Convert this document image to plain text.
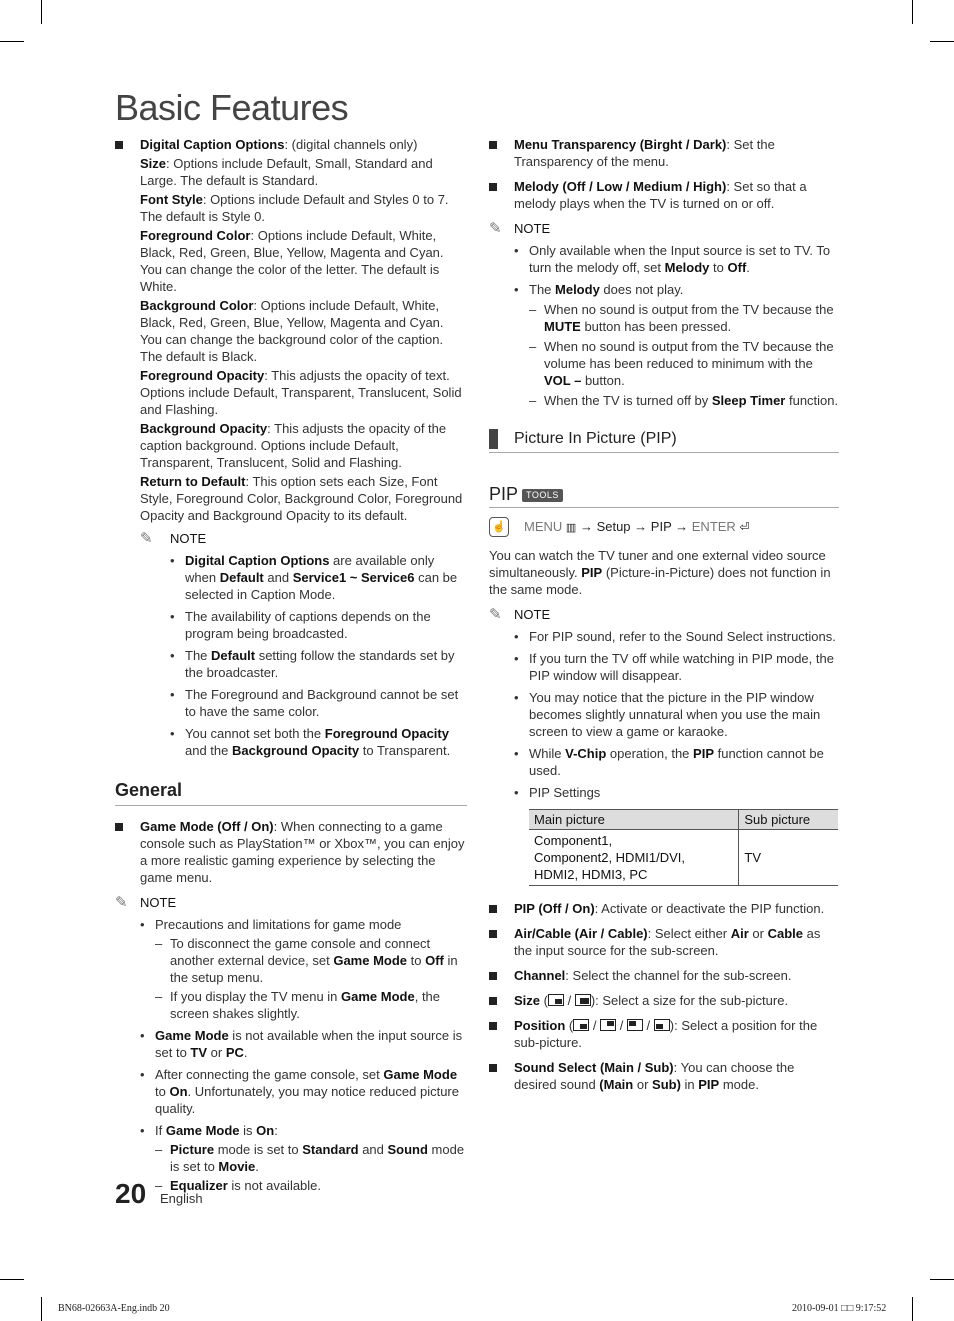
Basic Features
Digital Caption Options: (digital channels only)
Size: Options include Default, Small, Standard and Large. The default is Standard.
Font Style: Options include Default and Styles 0 to 7. The default is Style 0.
Foreground Color: Options include Default, White, Black, Red, Green, Blue, Yellow, Magenta and Cyan. You can change the color of the letter. The default is White.
Background Color: Options include Default, White, Black, Red, Green, Blue, Yellow, Magenta and Cyan. You can change the background color of the caption. The default is Black.
Foreground Opacity: This adjusts the opacity of text. Options include Default, Transparent, Translucent, Solid and Flashing.
Background Opacity: This adjusts the opacity of the caption background. Options include Default, Transparent, Translucent, Solid and Flashing.
Return to Default: This option sets each Size, Font Style, Foreground Color, Background Color, Foreground Opacity and Background Opacity to its default.
✎ NOTE
• Digital Caption Options are available only when Default and Service1 ~ Service6 can be selected in Caption Mode.
• The availability of captions depends on the program being broadcasted.
• The Default setting follow the standards set by the broadcaster.
• The Foreground and Background cannot be set to have the same color.
• You cannot set both the Foreground Opacity and the Background Opacity to Transparent.
General
Game Mode (Off / On): When connecting to a game console such as PlayStation™ or Xbox™, you can enjoy a more realistic gaming experience by selecting the game menu.
✎ NOTE
• Precautions and limitations for game mode
– To disconnect the game console and connect another external device, set Game Mode to Off in the setup menu.
– If you display the TV menu in Game Mode, the screen shakes slightly.
• Game Mode is not available when the input source is set to TV or PC.
• After connecting the game console, set Game Mode to On. Unfortunately, you may notice reduced picture quality.
• If Game Mode is On:
– Picture mode is set to Standard and Sound mode is set to Movie.
– Equalizer is not available.
Menu Transparency (Birght / Dark): Set the Transparency of the menu.
Melody (Off / Low / Medium / High): Set so that a melody plays when the TV is turned on or off.
✎ NOTE
• Only available when the Input source is set to TV. To turn the melody off, set Melody to Off.
• The Melody does not play.
– When no sound is output from the TV because the MUTE button has been pressed.
– When no sound is output from the TV because the volume has been reduced to minimum with the VOL – button.
– When the TV is turned off by Sleep Timer function.
Picture In Picture (PIP)
PIP TOOLS
☝ MENU ▥ → Setup → PIP → ENTER ⏎
You can watch the TV tuner and one external video source simultaneously. PIP (Picture-in-Picture) does not function in the same mode.
✎ NOTE
• For PIP sound, refer to the Sound Select instructions.
• If you turn the TV off while watching in PIP mode, the PIP window will disappear.
• You may notice that the picture in the PIP window becomes slightly unnatural when you use the main screen to view a game or karaoke.
• While V-Chip operation, the PIP function cannot be used.
• PIP Settings
Main picture	Sub picture

Component1,
Component2, HDMI1/DVI,
HDMI2, HDMI3, PC	TV
PIP (Off / On): Activate or deactivate the PIP function.
Air/Cable (Air / Cable): Select either Air or Cable as the input source for the sub-screen.
Channel: Select the channel for the sub-screen.
Size (
/
): Select a size for the sub-picture.
Position (
/
/
/
): Select a position for the sub-picture.
Sound Select (Main / Sub): You can choose the desired sound (Main or Sub) in PIP mode.
20 English
BN68-02663A-Eng.indb 20	2010-09-01 □□ 9:17:52
